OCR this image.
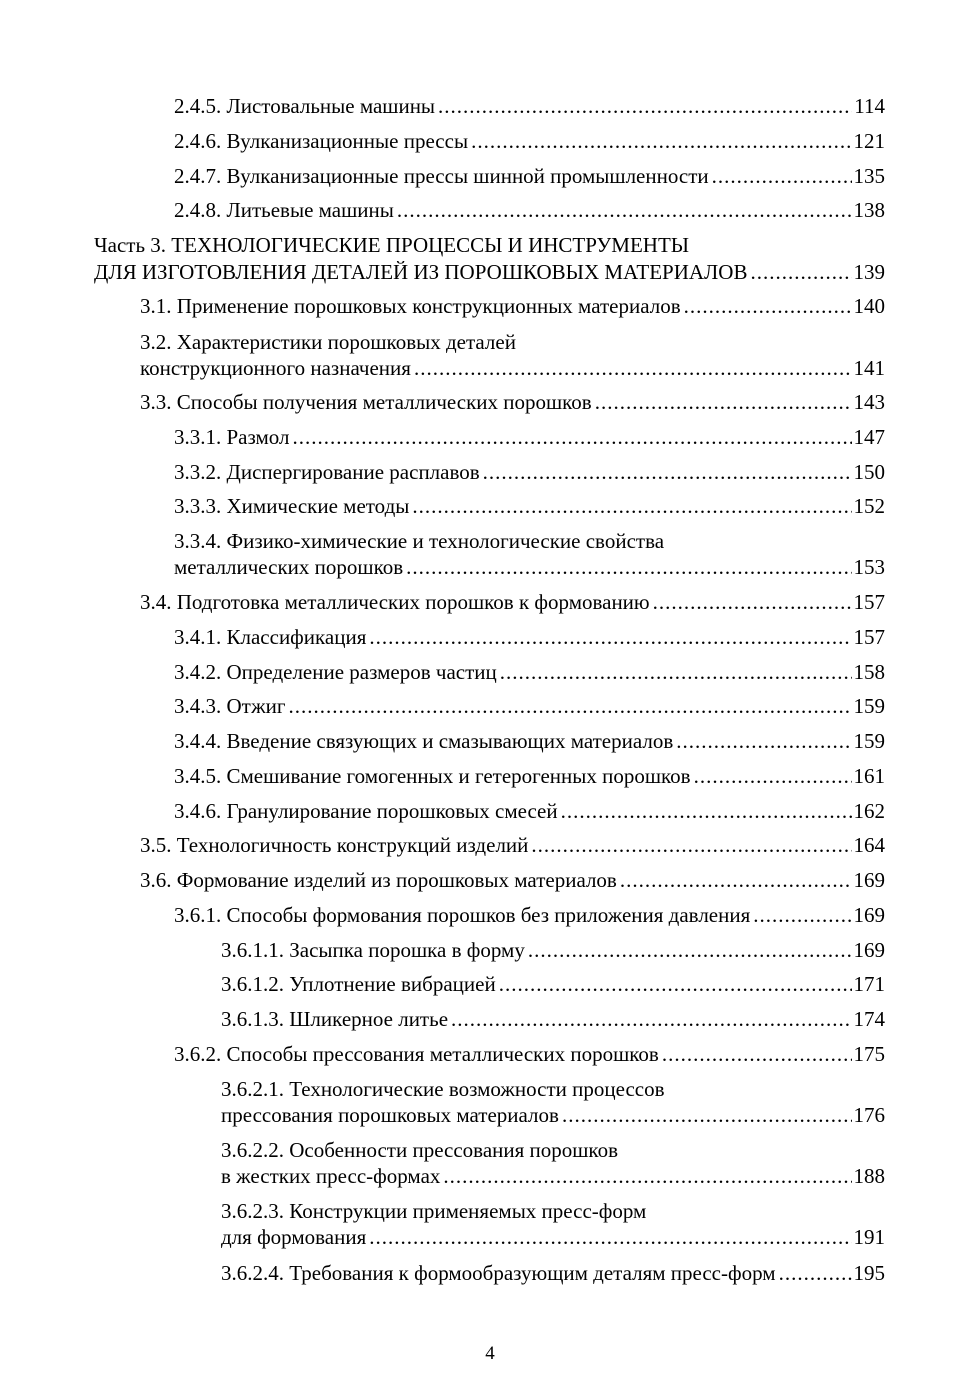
2.4.5. Листовальные машины .....	114
2.4.6. Вулканизационные прессы .....	121
2.4.7. Вулканизационные прессы шинной промышленности .....	135
2.4.8. Литьевые машины .....	138
Часть 3. ТЕХНОЛОГИЧЕСКИЕ ПРОЦЕССЫ И ИНСТРУМЕНТЫ
ДЛЯ ИЗГОТОВЛЕНИЯ ДЕТАЛЕЙ ИЗ ПОРОШКОВЫХ МАТЕРИАЛОВ .....	139
3.1. Применение порошковых конструкционных материалов .....	140
3.2. Характеристики порошковых деталей
конструкционного назначения .....	141
3.3. Способы получения металлических порошков .....	143
3.3.1. Размол .....	147
3.3.2. Диспергирование расплавов .....	150
3.3.3. Химические методы .....	152
3.3.4. Физико-химические и технологические свойства
металлических порошков .....	153
3.4. Подготовка металлических порошков к формованию .....	157
3.4.1. Классификация .....	157
3.4.2. Определение размеров частиц .....	158
3.4.3. Отжиг .....	159
3.4.4. Введение связующих и смазывающих материалов .....	159
3.4.5. Смешивание гомогенных и гетерогенных порошков .....	161
3.4.6. Гранулирование порошковых смесей .....	162
3.5. Технологичность конструкций изделий .....	164
3.6. Формование изделий из порошковых материалов .....	169
3.6.1. Способы формования порошков без приложения давления .....	169
3.6.1.1. Засыпка порошка в форму .....	169
3.6.1.2. Уплотнение вибрацией .....	171
3.6.1.3. Шликерное литье .....	174
3.6.2. Способы прессования металлических порошков .....	175
3.6.2.1. Технологические возможности процессов
прессования порошковых материалов .....	176
3.6.2.2. Особенности прессования порошков
в жестких пресс-формах .....	188
3.6.2.3. Конструкции применяемых пресс-форм
для формования .....	191
3.6.2.4. Требования к формообразующим деталям пресс-форм .....	195
4
